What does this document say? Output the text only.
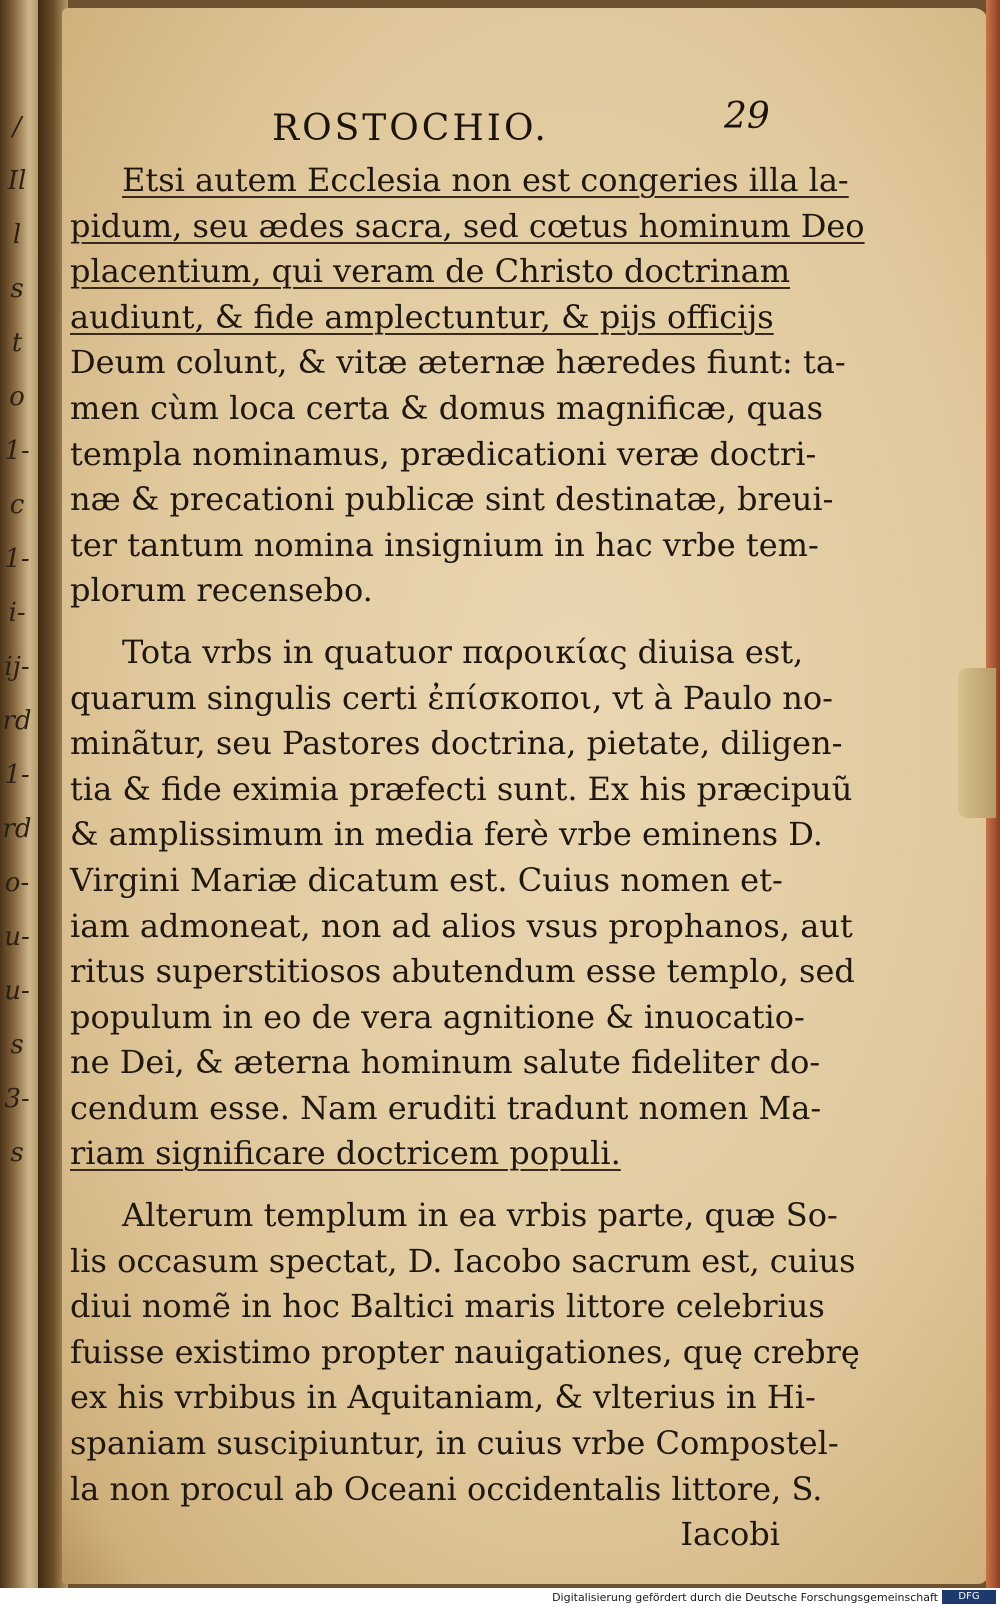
/
Il
l
s
t
o
1-
c
1-
i-
ij-
rd
1-
rd
o-
u-
u-
s
3-
s
ROSTOCHIO.	29
Etsi autem Ecclesia non est congeries illa la-
pidum, seu ædes sacra, sed cœtus hominum Deo
placentium, qui veram de Christo doctrinam
audiunt, & fide amplectuntur, & pijs officijs
Deum colunt, & vitæ æternæ hæredes fiunt: ta-
men cùm loca certa & domus magnificæ, quas
templa nominamus, prædicationi veræ doctri-
næ & precationi publicæ sint destinatæ, breui-
ter tantum nomina insignium in hac vrbe tem-
plorum recensebo.
Tota vrbs in quatuor παροικίας diuisa est,
quarum singulis certi ἐπίσκοποι, vt à Paulo no-
minãtur, seu Pastores doctrina, pietate, diligen-
tia & fide eximia præfecti sunt. Ex his præcipuũ
& amplissimum in media ferè vrbe eminens D.
Virgini Mariæ dicatum est. Cuius nomen et-
iam admoneat, non ad alios vsus prophanos, aut
ritus superstitiosos abutendum esse templo, sed
populum in eo de vera agnitione & inuocatio-
ne Dei, & æterna hominum salute fideliter do-
cendum esse. Nam eruditi tradunt nomen Ma-
riam significare doctricem populi.
Alterum templum in ea vrbis parte, quæ So-
lis occasum spectat, D. Iacobo sacrum est, cuius
diui nomẽ in hoc Baltici maris littore celebrius
fuisse existimo propter nauigationes, quę crebrę
ex his vrbibus in Aquitaniam, & vlterius in Hi-
spaniam suscipiuntur, in cuius vrbe Compostel-
la non procul ab Oceani occidentalis littore, S.
Iacobi
Digitalisierung gefördert durch die Deutsche Forschungsgemeinschaft	DFG
